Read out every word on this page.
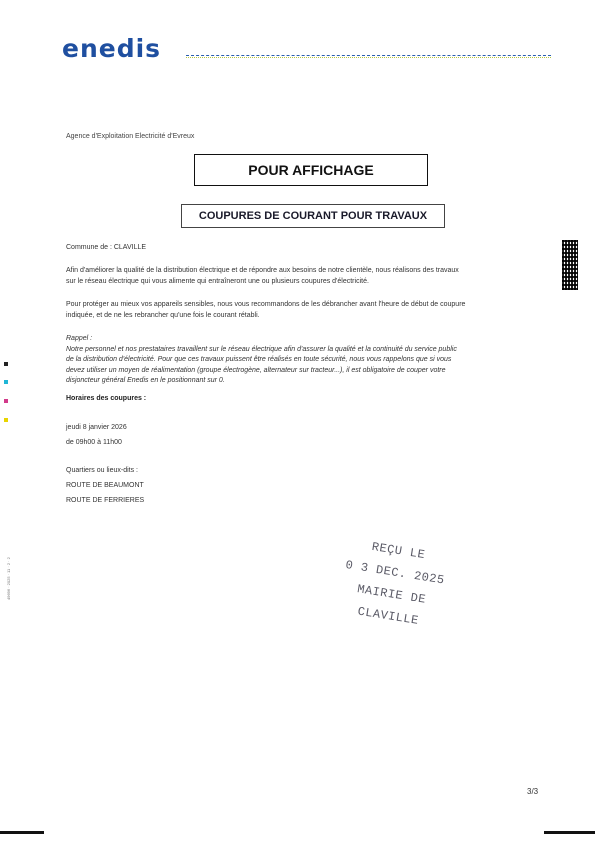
enedis
49696 · 2025 · 11 · 2 · 2
Agence d'Exploitation Electricité d'Evreux
POUR AFFICHAGE
COUPURES DE COURANT POUR TRAVAUX
Commune de : CLAVILLE
Afin d'améliorer la qualité de la distribution électrique et de répondre aux besoins de notre clientèle, nous réalisons des travaux
sur le réseau électrique qui vous alimente qui entraîneront une ou plusieurs coupures d'électricité.
Pour protéger au mieux vos appareils sensibles, nous vous recommandons de les débrancher avant l'heure de début de coupure
indiquée, et de ne les rebrancher qu'une fois le courant rétabli.
Rappel :
Notre personnel et nos prestataires travaillent sur le réseau électrique afin d'assurer la qualité et la continuité du service public
de la distribution d'électricité. Pour que ces travaux puissent être réalisés en toute sécurité, nous vous rappelons que si vous
devez utiliser un moyen de réalimentation (groupe électrogène, alternateur sur tracteur...), il est obligatoire de couper votre
disjoncteur général Enedis en le positionnant sur 0.
Horaires des coupures :
jeudi 8 janvier 2026
de 09h00 à 11h00
Quartiers ou lieux-dits :
ROUTE DE BEAUMONT
ROUTE DE FERRIERES
REÇU LE
0 3 DEC. 2025
MAIRIE DE CLAVILLE
3/3
